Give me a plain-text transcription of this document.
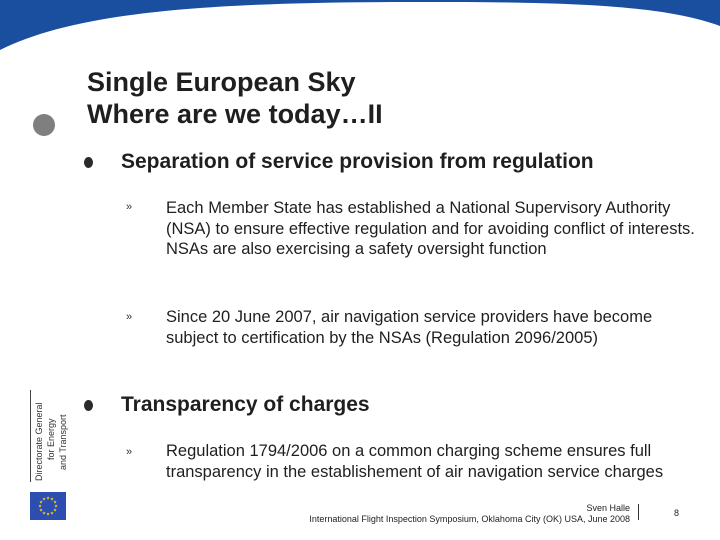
Single European Sky
Where are we today…II

Separation of service provision from regulation

» Each Member State has established a National Supervisory Authority (NSA) to ensure effective regulation and for avoiding conflict of interests. NSAs are also exercising a safety oversight function

» Since 20 June 2007, air navigation service providers have become subject to certification by the NSAs (Regulation 2096/2005)

Transparency of charges

» Regulation 1794/2006 on a common charging scheme ensures full transparency in the establishement of air navigation service charges

Directorate General for Energy and Transport
★ ★
★
★
★
★
★
★
★
★
★
★
Sven Halle
International Flight Inspection Symposium, Oklahoma City (OK) USA, June 2008
8
